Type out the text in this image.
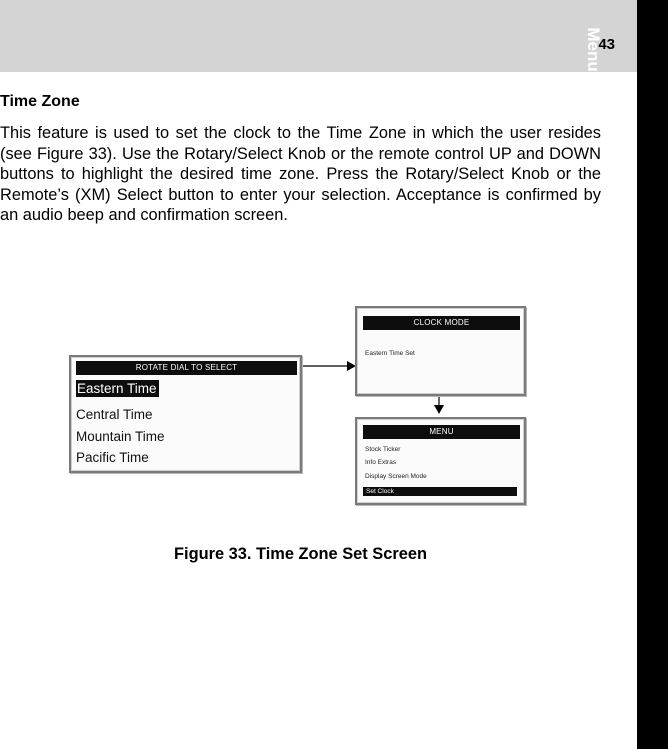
43
Menu Options
Time Zone

This feature is used to set the clock to the Time Zone in which the user resides (see Figure 33). Use the Rotary/Select Knob or the remote control UP and DOWN buttons to highlight the desired time zone. Press the Rotary/Select Knob or the Remote’s (XM) Select button to enter your selection. Acceptance is confirmed by an audio beep and confirmation screen.

ROTATE DIAL TO SELECT
Eastern Time
Central Time
Mountain Time
Pacific Time
CLOCK MODE
Eastern Time Set
MENU
Stock Ticker
Info Extras
Display Screen Mode
Set Clock
Figure 33. Time Zone Set Screen
